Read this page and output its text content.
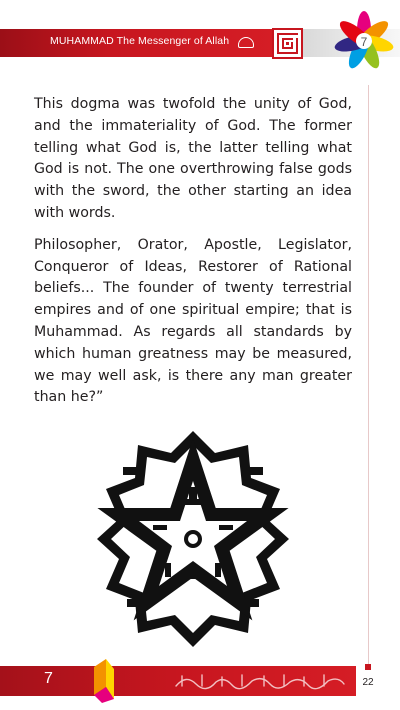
MUHAMMAD The Messenger of Allah	7

This dogma was twofold the unity of God, and the immateriality of God. The former telling what God is, the latter telling what God is not. The one overthrowing false gods with the sword, the other starting an idea with words.

Philosopher, Orator, Apostle, Legislator, Conqueror of Ideas, Restorer of Rational beliefs... The founder of twenty terrestrial empires and of one spiritual empire; that is Muhammad. As regards all standards by which human greatness may be measured, we may well ask, is there any man greater than he?”

7	22
